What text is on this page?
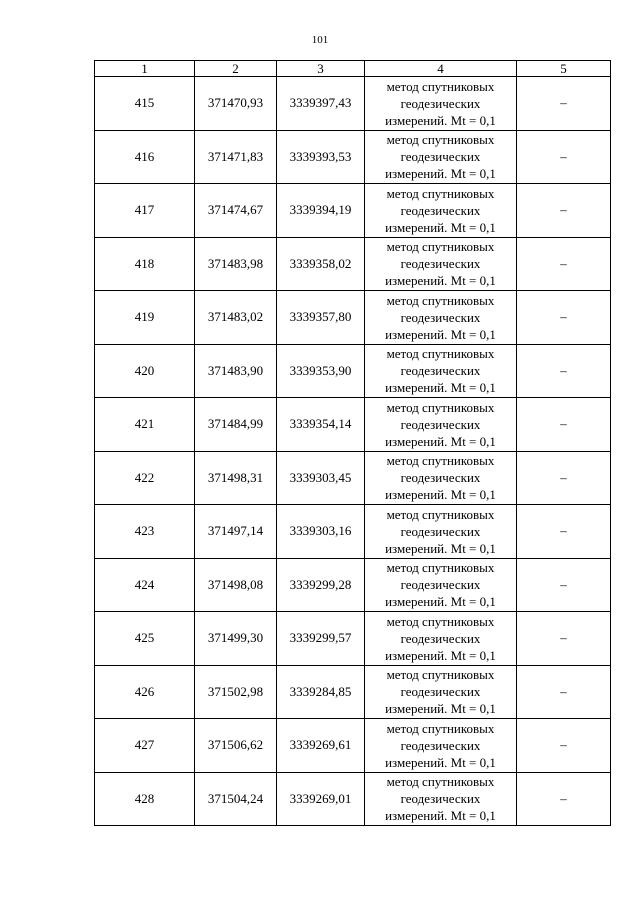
101
1	2	3	4	5
415	371470,93	3339397,43	метод спутниковых
геодезических
измерений. Mt = 0,1	–
416	371471,83	3339393,53	метод спутниковых
геодезических
измерений. Mt = 0,1	–
417	371474,67	3339394,19	метод спутниковых
геодезических
измерений. Mt = 0,1	–
418	371483,98	3339358,02	метод спутниковых
геодезических
измерений. Mt = 0,1	–
419	371483,02	3339357,80	метод спутниковых
геодезических
измерений. Mt = 0,1	–
420	371483,90	3339353,90	метод спутниковых
геодезических
измерений. Mt = 0,1	–
421	371484,99	3339354,14	метод спутниковых
геодезических
измерений. Mt = 0,1	–
422	371498,31	3339303,45	метод спутниковых
геодезических
измерений. Mt = 0,1	–
423	371497,14	3339303,16	метод спутниковых
геодезических
измерений. Mt = 0,1	–
424	371498,08	3339299,28	метод спутниковых
геодезических
измерений. Mt = 0,1	–
425	371499,30	3339299,57	метод спутниковых
геодезических
измерений. Mt = 0,1	–
426	371502,98	3339284,85	метод спутниковых
геодезических
измерений. Mt = 0,1	–
427	371506,62	3339269,61	метод спутниковых
геодезических
измерений. Mt = 0,1	–
428	371504,24	3339269,01	метод спутниковых
геодезических
измерений. Mt = 0,1	–
